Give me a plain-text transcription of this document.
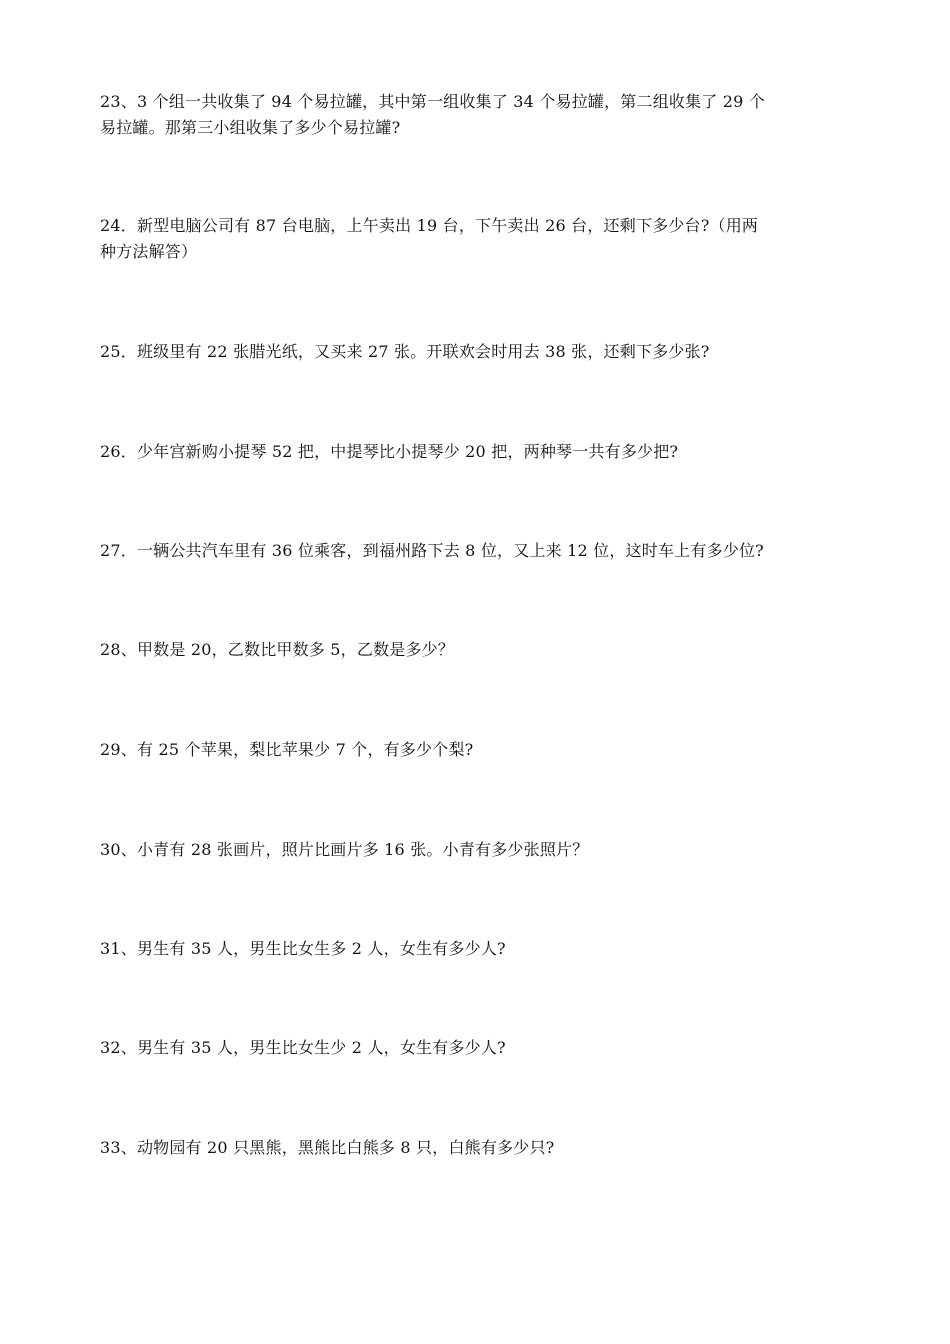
23、3 个组一共收集了 94 个易拉罐，其中第一组收集了 34 个易拉罐，第二组收集了 29 个
易拉罐。那第三小组收集了多少个易拉罐?

24．新型电脑公司有 87 台电脑，上午卖出 19 台，下午卖出 26 台，还剩下多少台?（用两
种方法解答）

25．班级里有 22 张腊光纸，又买来 27 张。开联欢会时用去 38 张，还剩下多少张?

26．少年宫新购小提琴 52 把，中提琴比小提琴少 20 把，两种琴一共有多少把?

27．一辆公共汽车里有 36 位乘客，到福州路下去 8 位，又上来 12 位，这时车上有多少位?

28、甲数是 20，乙数比甲数多 5，乙数是多少？

29、有 25 个苹果，梨比苹果少 7 个，有多少个梨?

30、小青有 28 张画片，照片比画片多 16 张。小青有多少张照片？

31、男生有 35 人，男生比女生多 2 人，女生有多少人?

32、男生有 35 人，男生比女生少 2 人，女生有多少人?

33、动物园有 20 只黑熊，黑熊比白熊多 8 只，白熊有多少只?
